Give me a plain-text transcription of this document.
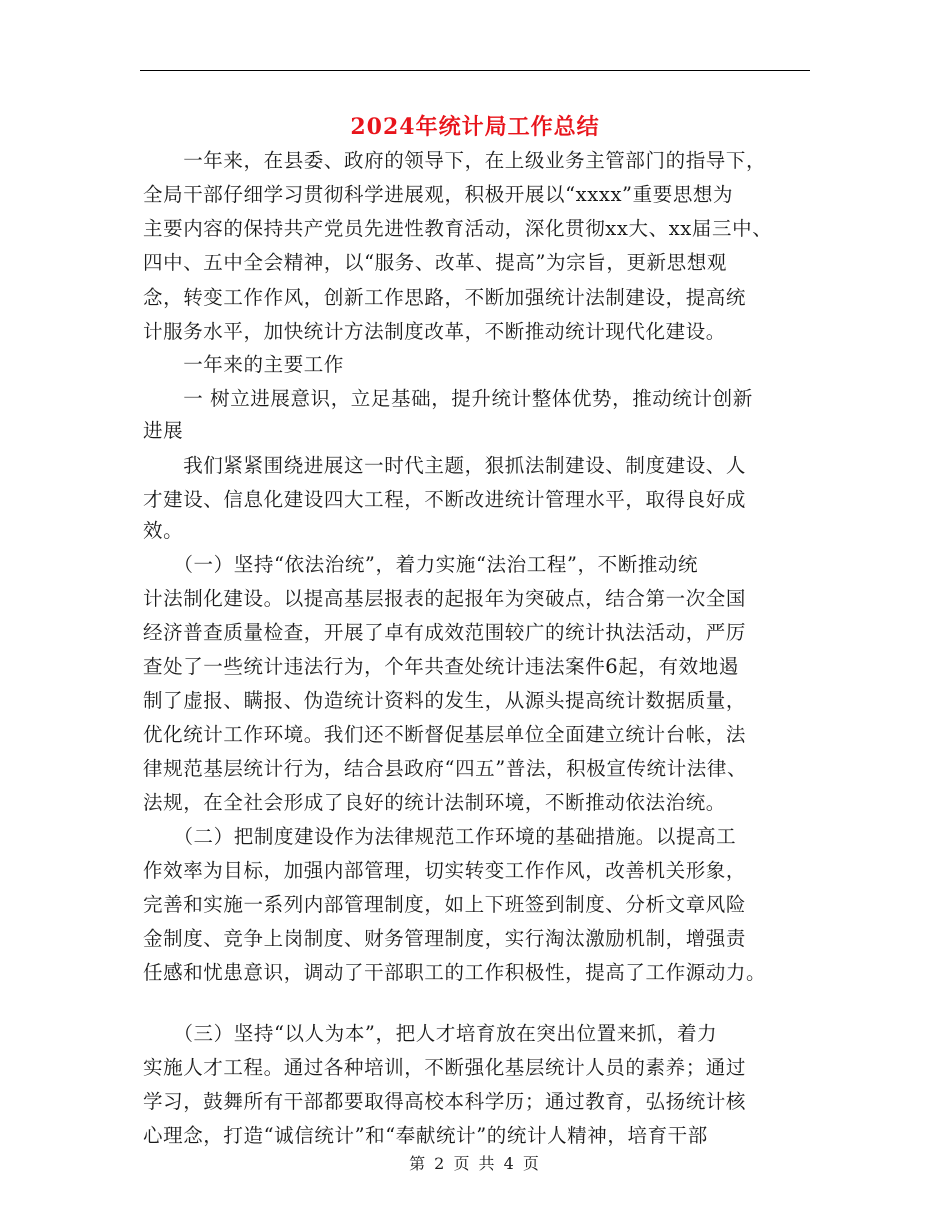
2024年统计局工作总结
　　一年来，在县委、政府的领导下，在上级业务主管部门的指导下，
全局干部仔细学习贯彻科学进展观，积极开展以“xxxx”重要思想为
主要内容的保持共产党员先进性教育活动，深化贯彻xx大、xx届三中、
四中、五中全会精神，以“服务、改革、提高”为宗旨，更新思想观
念，转变工作作风，创新工作思路，不断加强统计法制建设，提高统
计服务水平，加快统计方法制度改革，不断推动统计现代化建设。
　　一年来的主要工作
　　一 树立进展意识，立足基础，提升统计整体优势，推动统计创新
进展
　　我们紧紧围绕进展这一时代主题，狠抓法制建设、制度建设、人
才建设、信息化建设四大工程，不断改进统计管理水平，取得良好成
效。
　　（一）坚持“依法治统”，着力实施“法治工程”，不断推动统
计法制化建设。以提高基层报表的起报年为突破点，结合第一次全国
经济普查质量检查，开展了卓有成效范围较广的统计执法活动，严厉
查处了一些统计违法行为，个年共查处统计违法案件6起，有效地遏
制了虚报、瞒报、伪造统计资料的发生，从源头提高统计数据质量，
优化统计工作环境。我们还不断督促基层单位全面建立统计台帐，法
律规范基层统计行为，结合县政府“四五”普法，积极宣传统计法律、
法规，在全社会形成了良好的统计法制环境，不断推动依法治统。
　　（二）把制度建设作为法律规范工作环境的基础措施。以提高工
作效率为目标，加强内部管理，切实转变工作作风，改善机关形象，
完善和实施一系列内部管理制度，如上下班签到制度、分析文章风险
金制度、竞争上岗制度、财务管理制度，实行淘汰激励机制，增强责
任感和忧患意识，调动了干部职工的工作积极性，提高了工作源动力。
　　（三）坚持“以人为本”，把人才培育放在突出位置来抓，着力
实施人才工程。通过各种培训，不断强化基层统计人员的素养；通过
学习，鼓舞所有干部都要取得高校本科学历；通过教育，弘扬统计核
心理念，打造“诚信统计”和“奉献统计”的统计人精神，培育干部
第 2 页 共 4 页
